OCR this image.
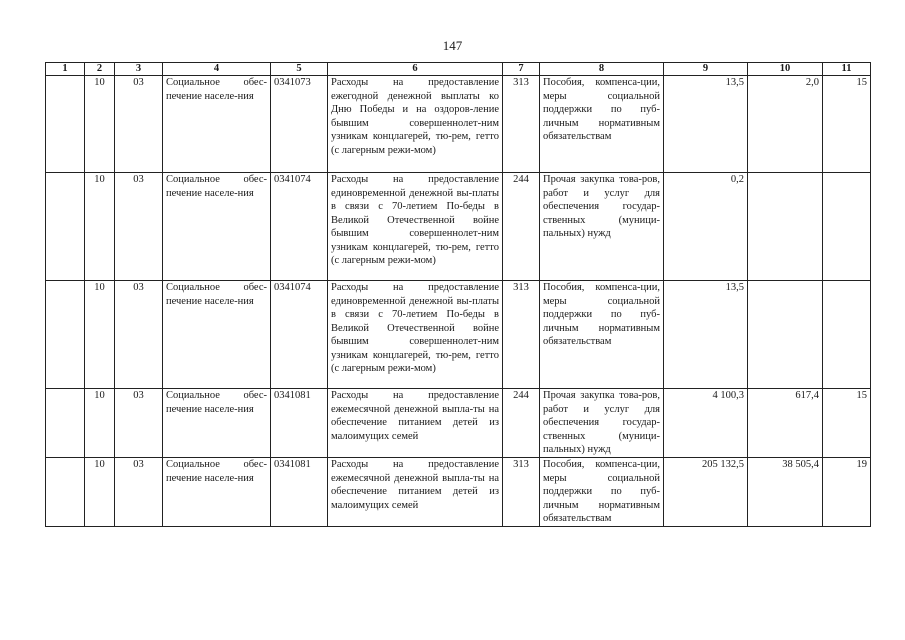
147
1	2	3	4	5	6	7	8	9	10	11
	10	03	Социальное обес-печение населе-ния	0341073	Расходы на предоставление ежегодной денежной выплаты ко Дню Победы и на оздоров-ление бывшим совершеннолет-ним узникам концлагерей, тю-рем, гетто (с лагерным режи-мом)	313	Пособия, компенса-ции, меры социальной поддержки по пуб-личным нормативным обязательствам	13,5	2,0	15
	10	03	Социальное обес-печение населе-ния	0341074	Расходы на предоставление единовременной денежной вы-платы в связи с 70-летием По-беды в Великой Отечественной войне бывшим совершеннолет-ним узникам концлагерей, тю-рем, гетто (с лагерным режи-мом)	244	Прочая закупка това-ров, работ и услуг для обеспечения государ-ственных (муници-пальных) нужд	0,2		
	10	03	Социальное обес-печение населе-ния	0341074	Расходы на предоставление единовременной денежной вы-платы в связи с 70-летием По-беды в Великой Отечественной войне бывшим совершеннолет-ним узникам концлагерей, тю-рем, гетто (с лагерным режи-мом)	313	Пособия, компенса-ции, меры социальной поддержки по пуб-личным нормативным обязательствам	13,5		
	10	03	Социальное обес-печение населе-ния	0341081	Расходы на предоставление ежемесячной денежной выпла-ты на обеспечение питанием детей из малоимущих семей	244	Прочая закупка това-ров, работ и услуг для обеспечения государ-ственных (муници-пальных) нужд	4 100,3	617,4	15
	10	03	Социальное обес-печение населе-ния	0341081	Расходы на предоставление ежемесячной денежной выпла-ты на обеспечение питанием детей из малоимущих семей	313	Пособия, компенса-ции, меры социальной поддержки по пуб-личным нормативным обязательствам	205 132,5	38 505,4	19
